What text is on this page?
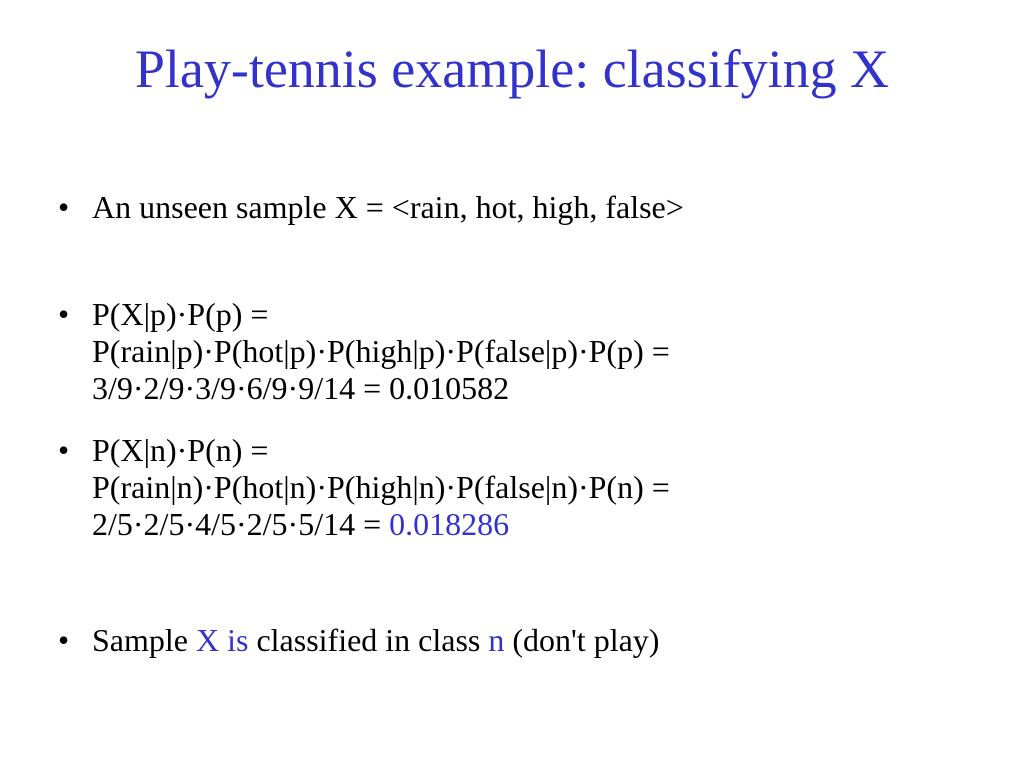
Play-tennis example: classifying X
• An unseen sample X = <rain, hot, high, false>
• P(X|p)·P(p) =
P(rain|p)·P(hot|p)·P(high|p)·P(false|p)·P(p) =
3/9·2/9·3/9·6/9·9/14 = 0.010582
• P(X|n)·P(n) =
P(rain|n)·P(hot|n)·P(high|n)·P(false|n)·P(n) =
2/5·2/5·4/5·2/5·5/14 = 0.018286
• Sample X is classified in class n (don't play)
